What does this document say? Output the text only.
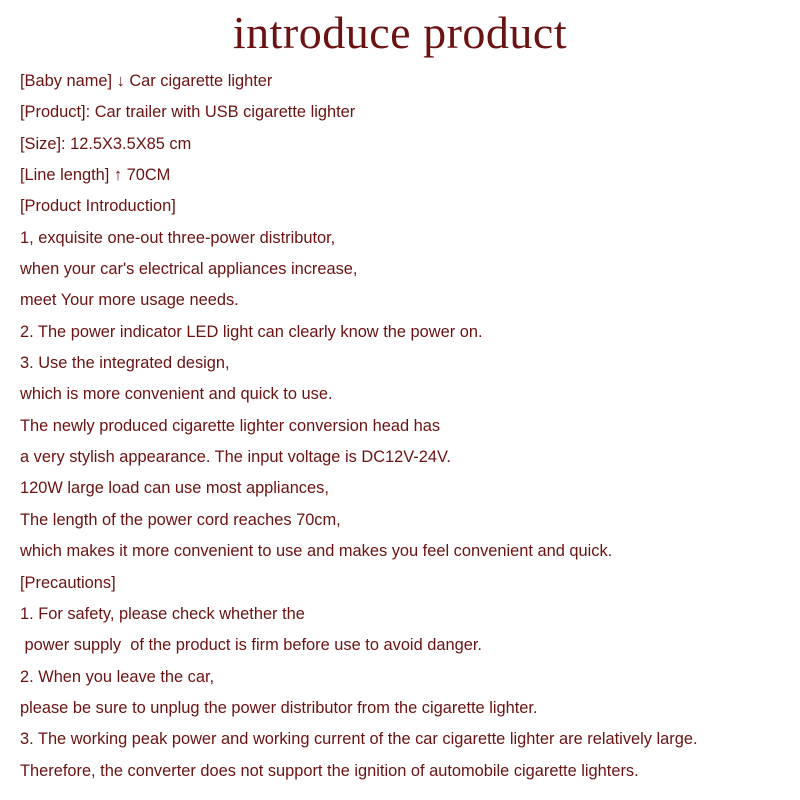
introduce product
[Baby name] ↓ Car cigarette lighter
[Product]: Car trailer with USB cigarette lighter
[Size]: 12.5X3.5X85 cm
[Line length] ↑ 70CM
[Product Introduction]
1, exquisite one-out three-power distributor,
when your car's electrical appliances increase,
meet Your more usage needs.
2. The power indicator LED light can clearly know the power on.
3. Use the integrated design,
which is more convenient and quick to use.
The newly produced cigarette lighter conversion head has
a very stylish appearance. The input voltage is DC12V-24V.
120W large load can use most appliances,
The length of the power cord reaches 70cm,
which makes it more convenient to use and makes you feel convenient and quick.
[Precautions]
1. For safety, please check whether the
power supply  of the product is firm before use to avoid danger.
2. When you leave the car,
please be sure to unplug the power distributor from the cigarette lighter.
3. The working peak power and working current of the car cigarette lighter are relatively large.
Therefore, the converter does not support the ignition of automobile cigarette lighters.
